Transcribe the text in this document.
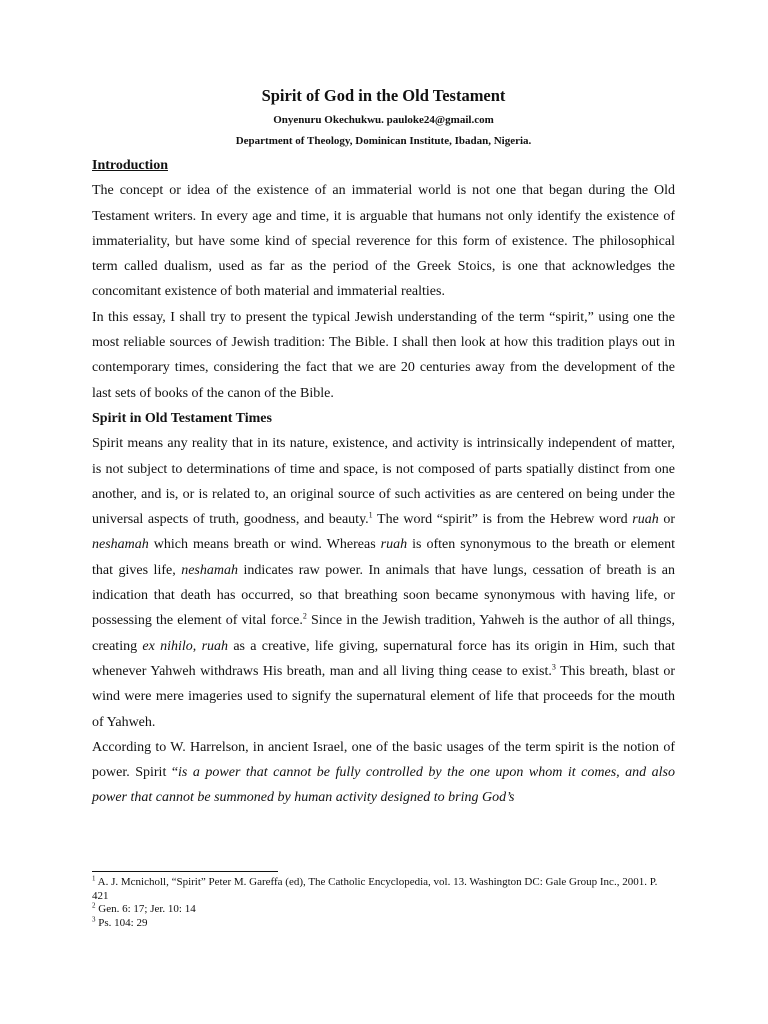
Spirit of God in the Old Testament
Onyenuru Okechukwu. pauloke24@gmail.com
Department of Theology, Dominican Institute, Ibadan, Nigeria.

Introduction

The concept or idea of the existence of an immaterial world is not one that began during the Old Testament writers. In every age and time, it is arguable that humans not only identify the existence of immateriality, but have some kind of special reverence for this form of existence. The philosophical term called dualism, used as far as the period of the Greek Stoics, is one that acknowledges the concomitant existence of both material and immaterial realties.

In this essay, I shall try to present the typical Jewish understanding of the term “spirit,” using one the most reliable sources of Jewish tradition: The Bible. I shall then look at how this tradition plays out in contemporary times, considering the fact that we are 20 centuries away from the development of the last sets of books of the canon of the Bible.

Spirit in Old Testament Times

Spirit means any reality that in its nature, existence, and activity is intrinsically independent of matter, is not subject to determinations of time and space, is not composed of parts spatially distinct from one another, and is, or is related to, an original source of such activities as are centered on being under the universal aspects of truth, goodness, and beauty.$^1$ The word “spirit” is from the Hebrew word ruah or neshamah which means breath or wind. Whereas ruah is often synonymous to the breath or element that gives life, neshamah indicates raw power. In animals that have lungs, cessation of breath is an indication that death has occurred, so that breathing soon became synonymous with having life, or possessing the element of vital force.$^2$ Since in the Jewish tradition, Yahweh is the author of all things, creating ex nihilo, ruah as a creative, life giving, supernatural force has its origin in Him, such that whenever Yahweh withdraws His breath, man and all living thing cease to exist.$^3$ This breath, blast or wind were mere imageries used to signify the supernatural element of life that proceeds for the mouth of Yahweh.

According to W. Harrelson, in ancient Israel, one of the basic usages of the term spirit is the notion of power. Spirit “is a power that cannot be fully controlled by the one upon whom it comes, and also power that cannot be summoned by human activity designed to bring God’s

$^1$ A. J. Mcnicholl, “Spirit” Peter M. Gareffa (ed), The Catholic Encyclopedia, vol. 13. Washington DC: Gale Group Inc., 2001. P. 421

$^2$ Gen. 6: 17; Jer. 10: 14

$^3$ Ps. 104: 29
